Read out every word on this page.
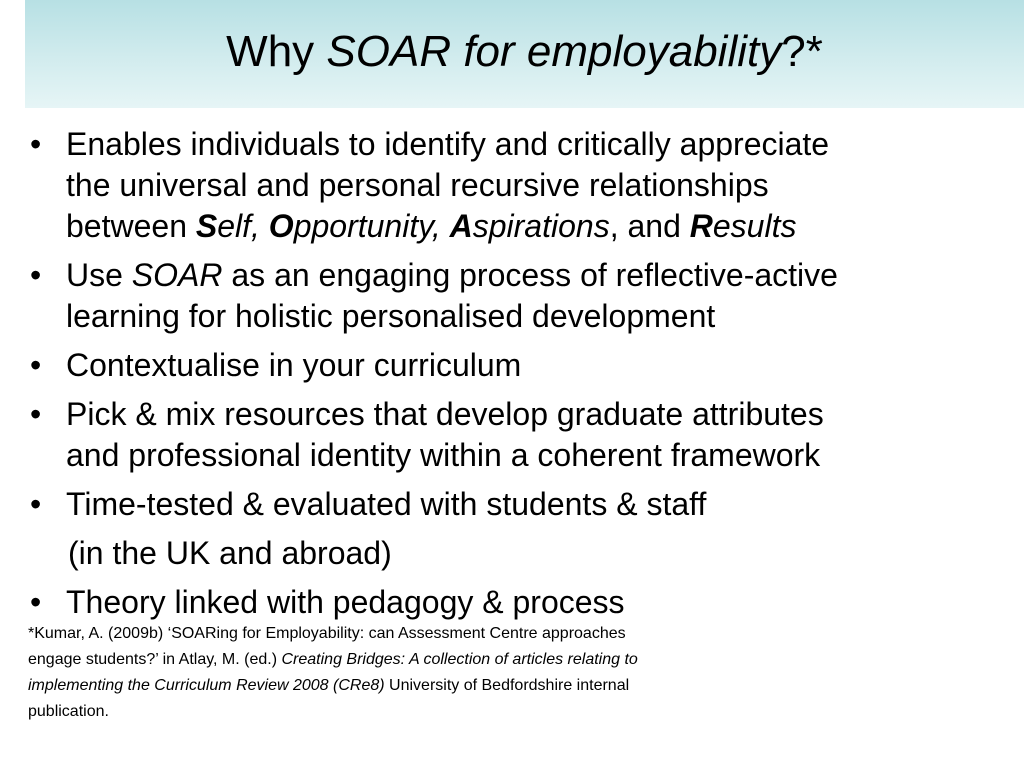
Why SOAR for employability?*
• Enables individuals to identify and critically appreciate
the universal and personal recursive relationships
between Self, Opportunity, Aspirations, and Results
• Use SOAR as an engaging process of reflective-active
learning for holistic personalised development
• Contextualise in your curriculum
• Pick & mix resources that develop graduate attributes
and professional identity within a coherent framework
• Time-tested & evaluated with students & staff
(in the UK and abroad)
• Theory linked with pedagogy & process
*Kumar, A. (2009b) ‘SOARing for Employability: can Assessment Centre approaches
engage students?’ in Atlay, M. (ed.) Creating Bridges: A collection of articles relating to
implementing the Curriculum Review 2008 (CRe8) University of Bedfordshire internal
publication.
